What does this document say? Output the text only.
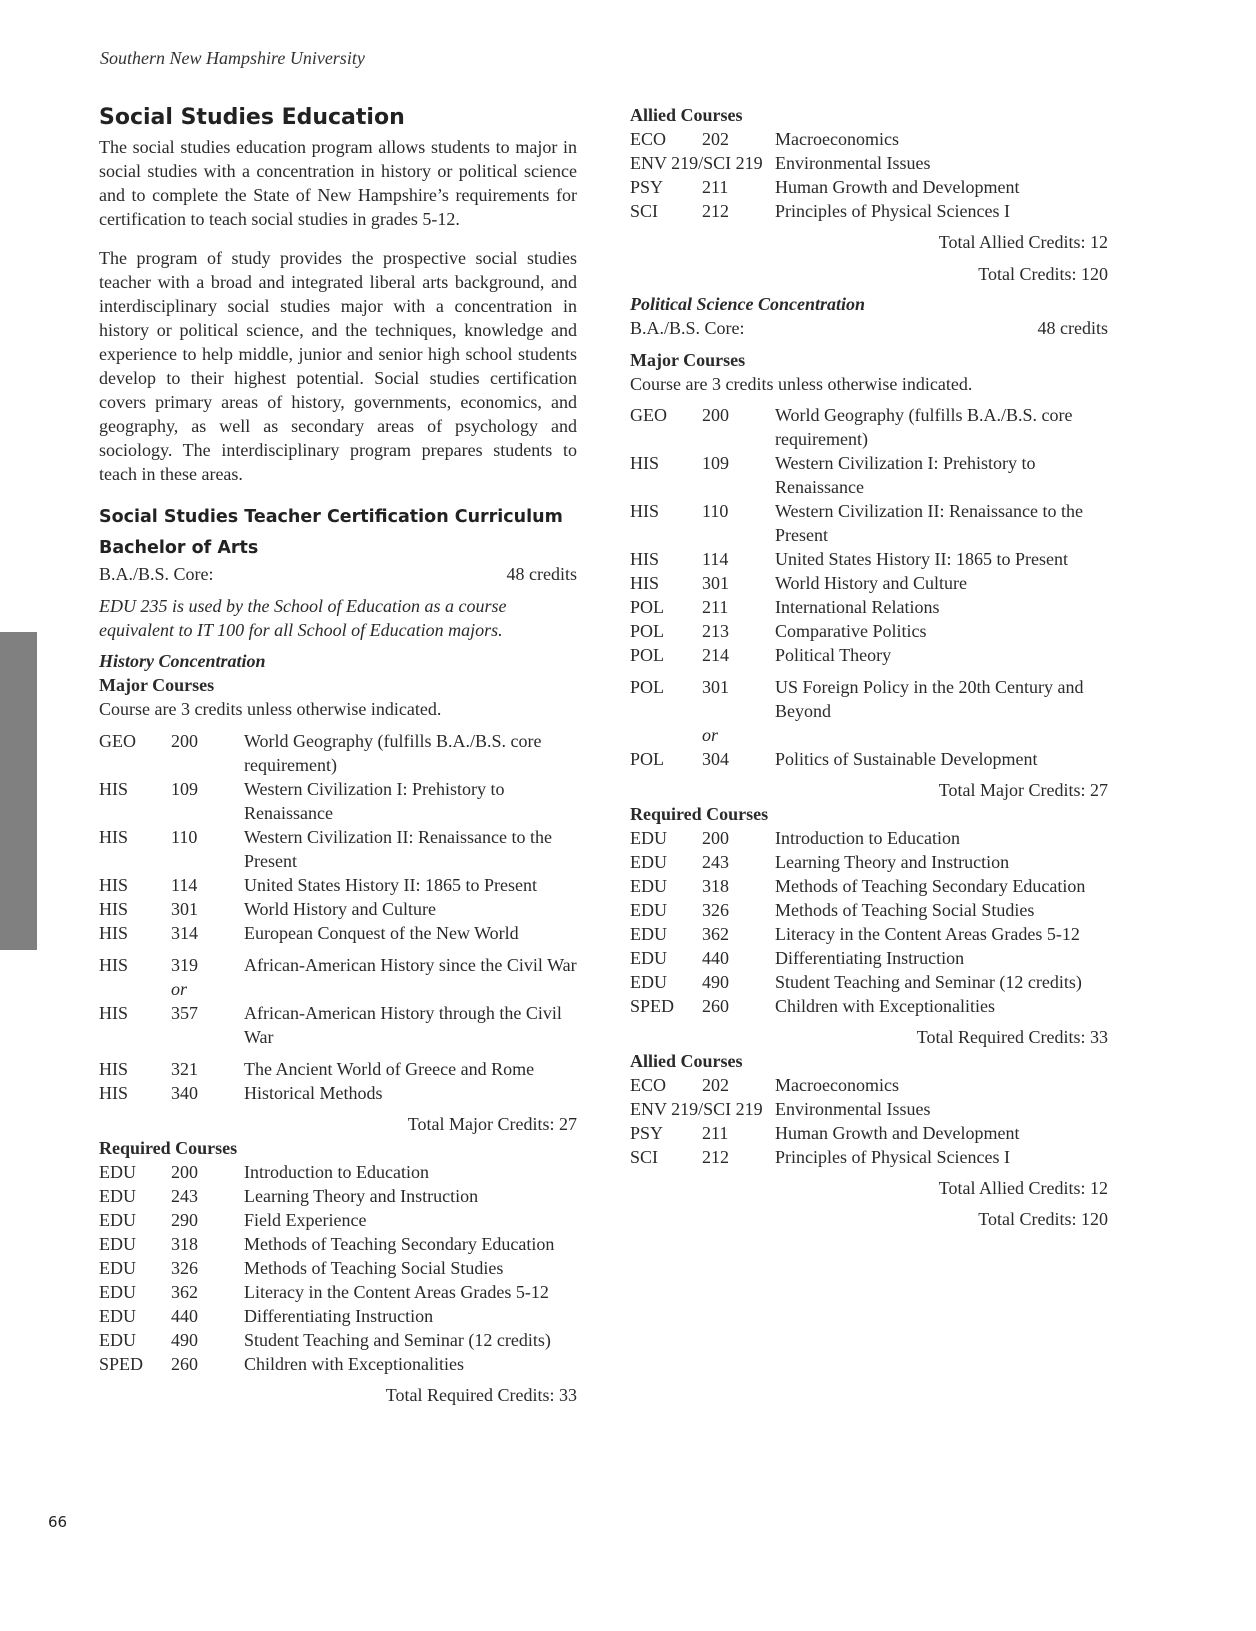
Southern New Hampshire University
66
Social Studies Education

The social studies education program allows students to major in social studies with a concentration in history or political science and to complete the State of New Hampshire’s requirements for certification to teach social studies in grades 5-12.

The program of study provides the prospective social studies teacher with a broad and integrated liberal arts background, and interdisciplinary social studies major with a concentration in history or political science, and the techniques, knowledge and experience to help middle, junior and senior high school students develop to their highest potential. Social studies certification covers primary areas of history, governments, economics, and geography, as well as secondary areas of psychology and sociology. The interdisciplinary program prepares students to teach in these areas.

Social Studies Teacher Certification Curriculum
Bachelor of Arts
B.A./B.S. Core:	48 credits
EDU 235 is used by the School of Education as a course equivalent to IT 100 for all School of Education majors.
History Concentration
Major Courses
Course are 3 credits unless otherwise indicated.
GEO	200	World Geography (fulfills B.A./B.S. core requirement)
HIS	109	Western Civilization I: Prehistory to Renaissance
HIS	110	Western Civilization II: Renaissance to the Present
HIS	114	United States History II: 1865 to Present
HIS	301	World History and Culture
HIS	314	European Conquest of the New World
HIS	319	African-American History since the Civil War
or
HIS	357	African-American History through the Civil War
HIS	321	The Ancient World of Greece and Rome
HIS	340	Historical Methods
Total Major Credits: 27
Required Courses
EDU	200	Introduction to Education
EDU	243	Learning Theory and Instruction
EDU	290	Field Experience
EDU	318	Methods of Teaching Secondary Education
EDU	326	Methods of Teaching Social Studies
EDU	362	Literacy in the Content Areas Grades 5-12
EDU	440	Differentiating Instruction
EDU	490	Student Teaching and Seminar (12 credits)
SPED	260	Children with Exceptionalities
Total Required Credits: 33
Allied Courses
ECO	202	Macroeconomics
ENV 219/SCI 219 Environmental Issues
PSY	211	Human Growth and Development
SCI	212	Principles of Physical Sciences I
Total Allied Credits: 12
Total Credits: 120
Political Science Concentration
B.A./B.S. Core:	48 credits
Major Courses
Course are 3 credits unless otherwise indicated.
GEO	200	World Geography (fulfills B.A./B.S. core requirement)
HIS	109	Western Civilization I: Prehistory to Renaissance
HIS	110	Western Civilization II: Renaissance to the Present
HIS	114	United States History II: 1865 to Present
HIS	301	World History and Culture
POL	211	International Relations
POL	213	Comparative Politics
POL	214	Political Theory
POL	301	US Foreign Policy in the 20th Century and Beyond
or
POL	304	Politics of Sustainable Development
Total Major Credits: 27
Required Courses
EDU	200	Introduction to Education
EDU	243	Learning Theory and Instruction
EDU	318	Methods of Teaching Secondary Education
EDU	326	Methods of Teaching Social Studies
EDU	362	Literacy in the Content Areas Grades 5-12
EDU	440	Differentiating Instruction
EDU	490	Student Teaching and Seminar (12 credits)
SPED	260	Children with Exceptionalities
Total Required Credits: 33
Allied Courses
ECO	202	Macroeconomics
ENV 219/SCI 219 Environmental Issues
PSY	211	Human Growth and Development
SCI	212	Principles of Physical Sciences I
Total Allied Credits: 12
Total Credits: 120
